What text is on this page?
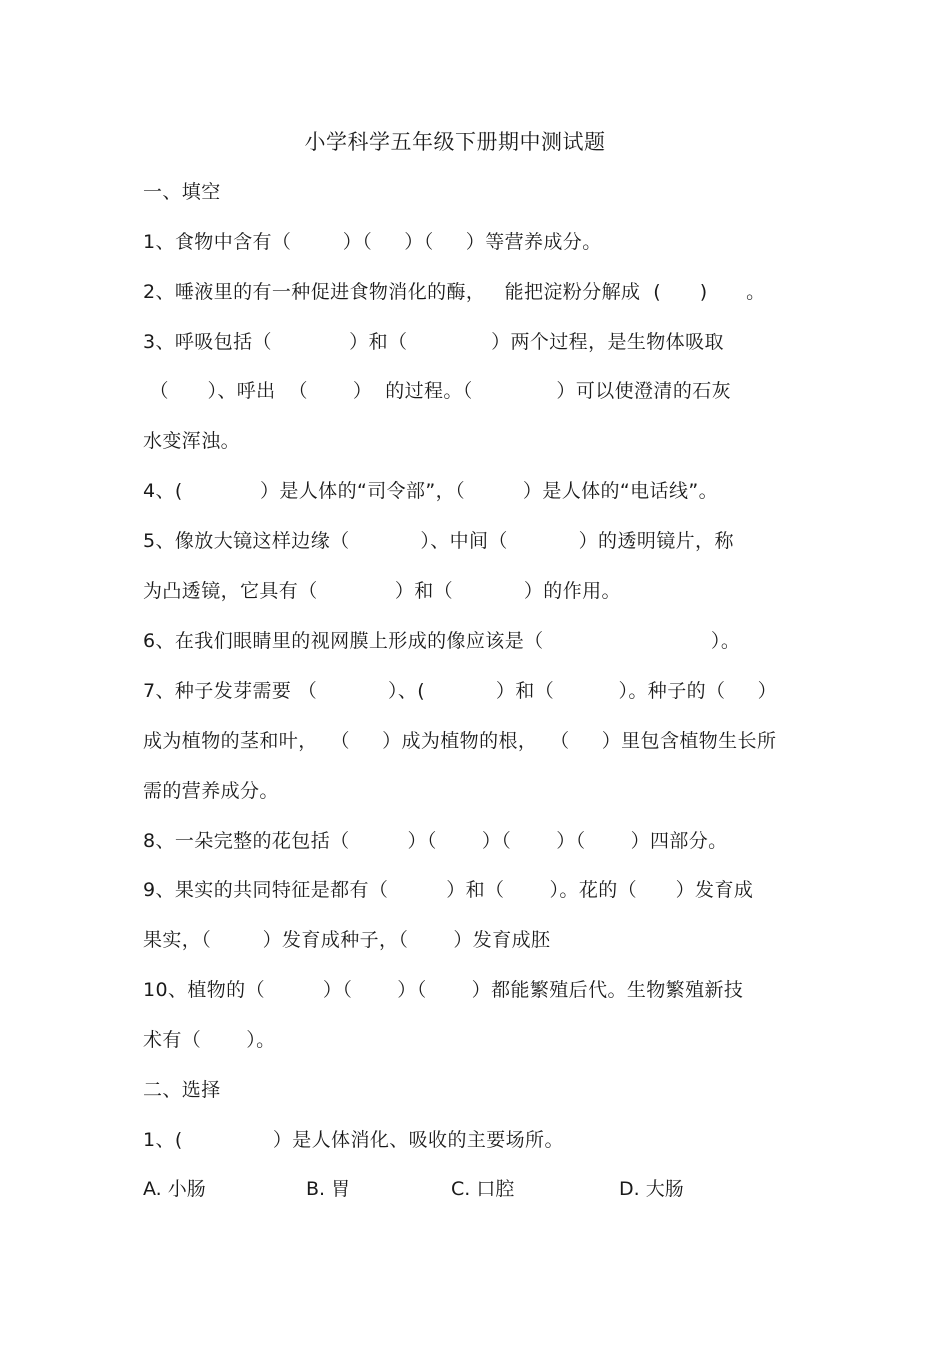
小学科学五年级下册期中测试题
一、填空
1、食物中含有（        ）（     ）（     ）等营养成分。
2、唾液里的有一种促进食物消化的酶，   能把淀粉分解成  (      )      。
3、呼吸包括（            ）和（             ）两个过程，是生物体吸取
（      ）、呼出  （       ）  的过程。（             ）可以使澄清的石灰
水变浑浊。
4、(            ）是人体的“司令部”，（         ）是人体的“电话线”。
5、像放大镜这样边缘（           ）、中间（           ）的透明镜片，称
为凸透镜，它具有（            ）和（           ）的作用。
6、在我们眼睛里的视网膜上形成的像应该是（                          ）。
7、种子发芽需要 （           ）、(           ）和（          ）。种子的（     ）
成为植物的茎和叶，  （     ）成为植物的根，  （     ）里包含植物生长所
需的营养成分。
8、一朵完整的花包括（         ）（       ）（       ）（       ）四部分。
9、果实的共同特征是都有（         ）和（       ）。花的（      ）发育成
果实，（        ）发育成种子，（       ）发育成胚
10、植物的（         ）（       ）（       ）都能繁殖后代。生物繁殖新技
术有（       ）。
二、选择
1、(              ）是人体消化、吸收的主要场所。
A. 小肠	B. 胃	C. 口腔	D. 大肠
